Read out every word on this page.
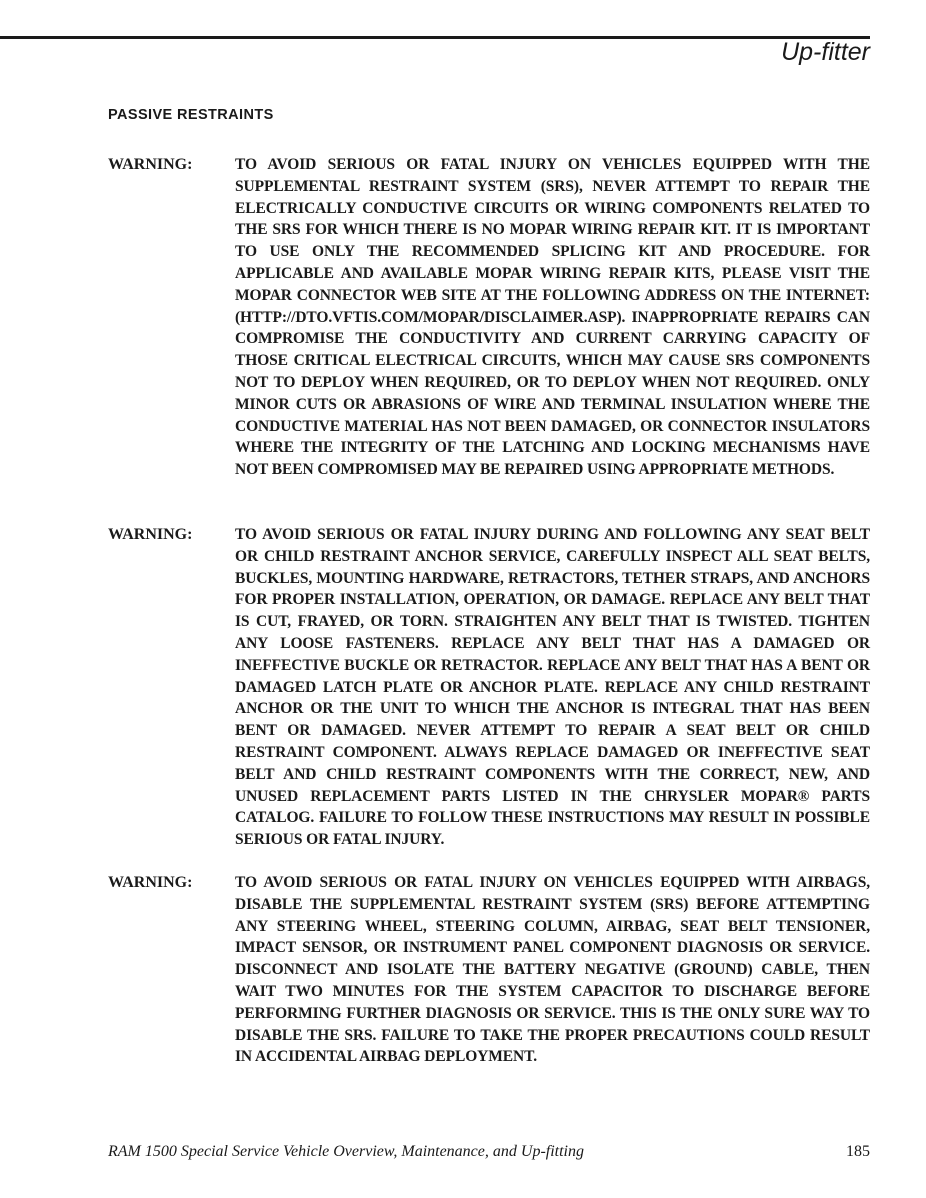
Up-fitter
PASSIVE RESTRAINTS
WARNING:	TO AVOID SERIOUS OR FATAL INJURY ON VEHICLES EQUIPPED WITH THE SUPPLEMENTAL RESTRAINT SYSTEM (SRS), NEVER ATTEMPT TO REPAIR THE ELECTRICALLY CONDUCTIVE CIRCUITS OR WIRING COMPONENTS RELATED TO THE SRS FOR WHICH THERE IS NO MOPAR WIRING REPAIR KIT. IT IS IMPORTANT TO USE ONLY THE RECOMMENDED SPLICING KIT AND PROCEDURE. FOR APPLICABLE AND AVAILABLE MOPAR WIRING REPAIR KITS, PLEASE VISIT THE MOPAR CONNECTOR WEB SITE AT THE FOLLOWING ADDRESS ON THE INTERNET: (HTTP://DTO.VFTIS.COM/MOPAR/DISCLAIMER.ASP). INAPPROPRIATE REPAIRS CAN COMPROMISE THE CONDUCTIVITY AND CURRENT CARRYING CAPACITY OF THOSE CRITICAL ELECTRICAL CIRCUITS, WHICH MAY CAUSE SRS COMPONENTS NOT TO DEPLOY WHEN REQUIRED, OR TO DEPLOY WHEN NOT REQUIRED. ONLY MINOR CUTS OR ABRASIONS OF WIRE AND TERMINAL INSULATION WHERE THE CONDUCTIVE MATERIAL HAS NOT BEEN DAMAGED, OR CONNECTOR INSULATORS WHERE THE INTEGRITY OF THE LATCHING AND LOCKING MECHANISMS HAVE NOT BEEN COMPROMISED MAY BE REPAIRED USING APPROPRIATE METHODS.

WARNING:	TO AVOID SERIOUS OR FATAL INJURY DURING AND FOLLOWING ANY SEAT BELT OR CHILD RESTRAINT ANCHOR SERVICE, CAREFULLY INSPECT ALL SEAT BELTS, BUCKLES, MOUNTING HARDWARE, RETRACTORS, TETHER STRAPS, AND ANCHORS FOR PROPER INSTALLATION, OPERATION, OR DAMAGE. REPLACE ANY BELT THAT IS CUT, FRAYED, OR TORN. STRAIGHTEN ANY BELT THAT IS TWISTED. TIGHTEN ANY LOOSE FASTENERS. REPLACE ANY BELT THAT HAS A DAMAGED OR INEFFECTIVE BUCKLE OR RETRACTOR. REPLACE ANY BELT THAT HAS A BENT OR DAMAGED LATCH PLATE OR ANCHOR PLATE. REPLACE ANY CHILD RESTRAINT ANCHOR OR THE UNIT TO WHICH THE ANCHOR IS INTEGRAL THAT HAS BEEN BENT OR DAMAGED. NEVER ATTEMPT TO REPAIR A SEAT BELT OR CHILD RESTRAINT COMPONENT. ALWAYS REPLACE DAMAGED OR INEFFECTIVE SEAT BELT AND CHILD RESTRAINT COMPONENTS WITH THE CORRECT, NEW, AND UNUSED REPLACEMENT PARTS LISTED IN THE CHRYSLER MOPAR® PARTS CATALOG. FAILURE TO FOLLOW THESE INSTRUCTIONS MAY RESULT IN POSSIBLE SERIOUS OR FATAL INJURY.

WARNING:	TO AVOID SERIOUS OR FATAL INJURY ON VEHICLES EQUIPPED WITH AIRBAGS, DISABLE THE SUPPLEMENTAL RESTRAINT SYSTEM (SRS) BEFORE ATTEMPTING ANY STEERING WHEEL, STEERING COLUMN, AIRBAG, SEAT BELT TENSIONER, IMPACT SENSOR, OR INSTRUMENT PANEL COMPONENT DIAGNOSIS OR SERVICE. DISCONNECT AND ISOLATE THE BATTERY NEGATIVE (GROUND) CABLE, THEN WAIT TWO MINUTES FOR THE SYSTEM CAPACITOR TO DISCHARGE BEFORE PERFORMING FURTHER DIAGNOSIS OR SERVICE. THIS IS THE ONLY SURE WAY TO DISABLE THE SRS. FAILURE TO TAKE THE PROPER PRECAUTIONS COULD RESULT IN ACCIDENTAL AIRBAG DEPLOYMENT.

RAM 1500 Special Service Vehicle Overview, Maintenance, and Up-fitting	185
